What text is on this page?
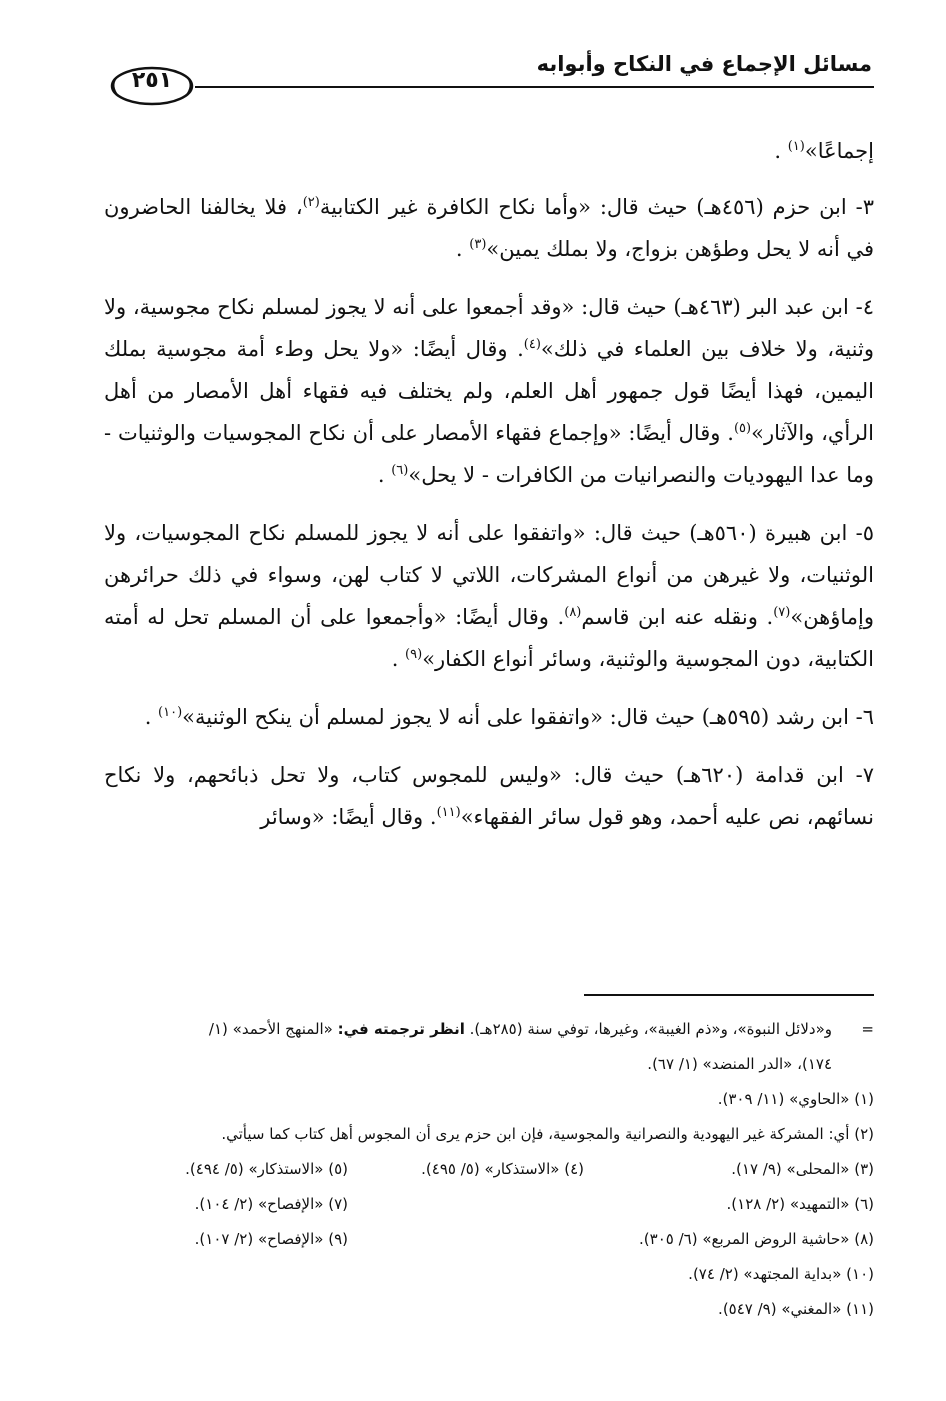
مسائل الإجماع في النكاح وأبوابه
٢٥١

إجماعًا»$^{(١)}$ .

٣- ابن حزم (٤٥٦هـ) حيث قال: «وأما نكاح الكافرة غير الكتابية$^{(٢)}$، فلا يخالفنا الحاضرون في أنه لا يحل وطؤهن بزواج، ولا بملك يمين»$^{(٣)}$ .

٤- ابن عبد البر (٤٦٣هـ) حيث قال: «وقد أجمعوا على أنه لا يجوز لمسلم نكاح مجوسية، ولا وثنية، ولا خلاف بين العلماء في ذلك»$^{(٤)}$. وقال أيضًا: «ولا يحل وطء أمة مجوسية بملك اليمين، فهذا أيضًا قول جمهور أهل العلم، ولم يختلف فيه فقهاء أهل الأمصار من أهل الرأي، والآثار»$^{(٥)}$. وقال أيضًا: «وإجماع فقهاء الأمصار على أن نكاح المجوسيات والوثنيات - وما عدا اليهوديات والنصرانيات من الكافرات - لا يحل»$^{(٦)}$ .

٥- ابن هبيرة (٥٦٠هـ) حيث قال: «واتفقوا على أنه لا يجوز للمسلم نكاح المجوسيات، ولا الوثنيات، ولا غيرهن من أنواع المشركات، اللاتي لا كتاب لهن، وسواء في ذلك حرائرهن وإماؤهن»$^{(٧)}$. ونقله عنه ابن قاسم$^{(٨)}$. وقال أيضًا: «وأجمعوا على أن المسلم تحل له أمته الكتابية، دون المجوسية والوثنية، وسائر أنواع الكفار»$^{(٩)}$ .

٦- ابن رشد (٥٩٥هـ) حيث قال: «واتفقوا على أنه لا يجوز لمسلم أن ينكح الوثنية»$^{(١٠)}$ .

٧- ابن قدامة (٦٢٠هـ) حيث قال: «وليس للمجوس كتاب، ولا تحل ذبائحهم، ولا نكاح نسائهم، نص عليه أحمد، وهو قول سائر الفقهاء»$^{(١١)}$. وقال أيضًا: «وسائر

=و«دلائل النبوة»، و«ذم الغيبة»، وغيرها، توفي سنة (٢٨٥هـ). انظر ترجمته في: «المنهج الأحمد» (١/
١٧٤)، «الدر المنضد» (١/ ٦٧).
(١) «الحاوي» (١١/ ٣٠٩).
(٢) أي: المشركة غير اليهودية والنصرانية والمجوسية، فإن ابن حزم يرى أن المجوس أهل كتاب كما سيأتي.
(٣) «المحلى» (٩/ ١٧).
(٤) «الاستذكار» (٥/ ٤٩٥).
(٥) «الاستذكار» (٥/ ٤٩٤).
(٦) «التمهيد» (٢/ ١٢٨).
(٧) «الإفصاح» (٢/ ١٠٤).
(٨) «حاشية الروض المربع» (٦/ ٣٠٥).
(٩) «الإفصاح» (٢/ ١٠٧).
(١٠) «بداية المجتهد» (٢/ ٧٤).
(١١) «المغني» (٩/ ٥٤٧).
